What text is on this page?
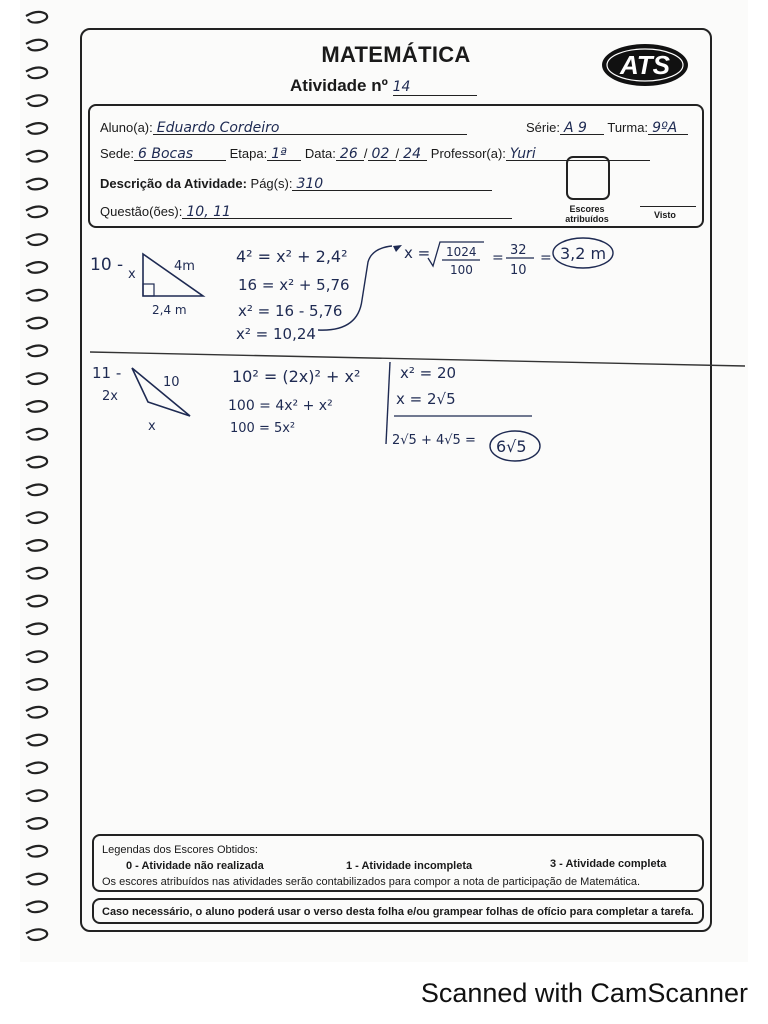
MATEMÁTICA
Atividade nº 14
ATS
Aluno(a): Eduardo Cordeiro	Série: A 9 Turma: 9ºA
Sede: 6 Bocas	Etapa: 1ª Data: 26 / 02 / 24 Professor(a): Yuri
Descrição da Atividade: Pág(s): 310
Questão(ões): 10, 11	Escores atribuídos	Visto
Legendas dos Escores Obtidos:
0 - Atividade não realizada	1 - Atividade incompleta	3 - Atividade completa
Os escores atribuídos nas atividades serão contabilizados para compor a nota de participação de Matemática.
Caso necessário, o aluno poderá usar o verso desta folha e/ou grampear folhas de ofício para completar a tarefa.
10 -	4m
x
2,4 m
4² = x² + 2,4²
16 = x² + 5,76
x² = 16 - 5,76
x² = 10,24
x = 1024
100
= 32
10
= 3,2 m
11 -
10
2x
x
10² = (2x)² + x²
100 = 4x² + x²
100 = 5x²
x² = 20
x = 2√5
2√5 + 4√5 = 6√5
Scanned with CamScanner
